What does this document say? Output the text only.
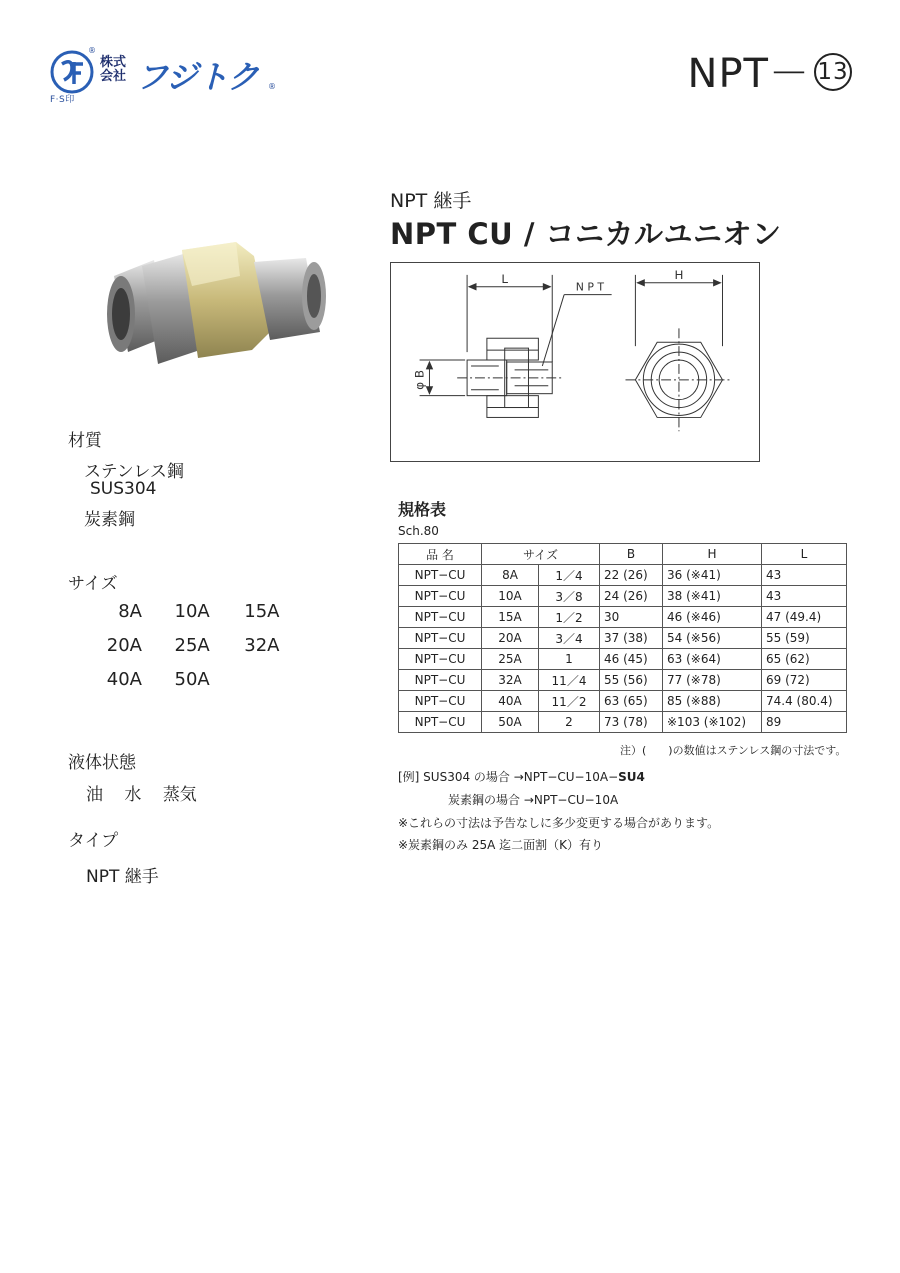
®
F·S印
株式会社 フジトク ®	NPT－ 13
NPT 継手
NPT CU / コニカルユニオン
L
N P T
H
φ B
材質
ステンレス鋼
SUS304
炭素鋼
サイズ
8A 10A 15A
20A 25A 32A
40A 50A
液体状態
油 水 蒸気
タイプ
NPT 継手
規格表
Sch.80
品 名	サイズ		B	H	L
NPT−CU	8A	1／4	22 (26)	36 (※41)	43
NPT−CU	10A	3／8	24 (26)	38 (※41)	43
NPT−CU	15A	1／2	30	46 (※46)	47 (49.4)
NPT−CU	20A	3／4	37 (38)	54 (※56)	55 (59)
NPT−CU	25A	1	46 (45)	63 (※64)	65 (62)
NPT−CU	32A	11／4	55 (56)	77 (※78)	69 (72)
NPT−CU	40A	11／2	63 (65)	85 (※88)	74.4 (80.4)
NPT−CU	50A	2	73 (78)	※103 (※102)	89
注）(　　)の数値はステンレス鋼の寸法です。
[例] SUS304 の場合 →NPT−CU−10A−SU4
炭素鋼の場合 →NPT−CU−10A
※これらの寸法は予告なしに多少変更する場合があります。
※炭素鋼のみ 25A 迄二面割（K）有り
